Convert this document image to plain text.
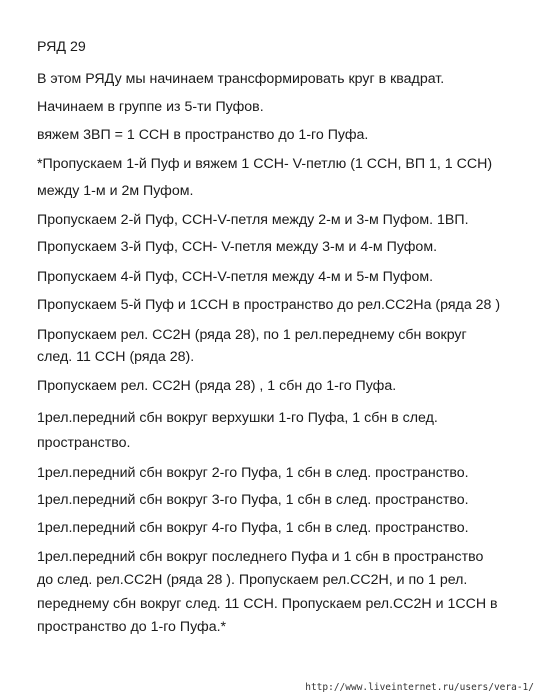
РЯД 29
В этом РЯДу мы начинаем трансформировать круг в квадрат.
Начинаем в группе из 5-ти Пуфов.
вяжем 3ВП = 1 ССН в пространство до 1-го Пуфа.
*Пропускаем 1-й Пуф и вяжем 1 ССН- V-петлю (1 ССН, ВП 1, 1 ССН)
между 1-м и 2м Пуфом.
Пропускаем 2-й Пуф, ССН-V-петля между 2-м и 3-м Пуфом. 1ВП.
Пропускаем 3-й Пуф, ССН- V-петля между 3-м и 4-м Пуфом.
Пропускаем 4-й Пуф, ССН-V-петля между 4-м и 5-м Пуфом.
Пропускаем 5-й Пуф и 1ССН в пространство до рел.СС2На (ряда 28 )
Пропускаем рел. СС2Н (ряда 28), по 1 рел.переднему сбн вокруг
след. 11 ССН (ряда 28).
Пропускаем рел. СС2Н (ряда 28) , 1 сбн до 1-го Пуфа.
1рел.передний сбн вокруг верхушки 1-го Пуфа, 1 сбн в след.
пространство.
1рел.передний сбн вокруг 2-го Пуфа, 1 сбн в след. пространство.
1рел.передний сбн вокруг 3-го Пуфа, 1 сбн в след. пространство.
1рел.передний сбн вокруг 4-го Пуфа, 1 сбн в след. пространство.
1рел.передний сбн вокруг последнего Пуфа и 1 сбн в пространство
до след. рел.СС2Н (ряда 28 ). Пропускаем рел.СС2Н, и по 1 рел.
переднему сбн вокруг след. 11 ССН. Пропускаем рел.СС2Н и 1ССН в
пространство до 1-го Пуфа.*
http://www.liveinternet.ru/users/vera-1/
